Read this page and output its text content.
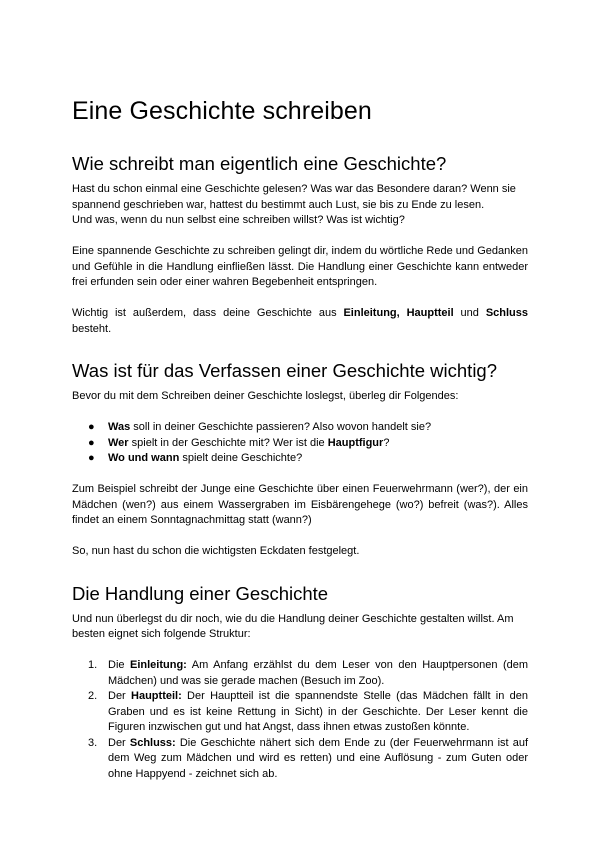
Eine Geschichte schreiben
Wie schreibt man eigentlich eine Geschichte?

Hast du schon einmal eine Geschichte gelesen? Was war das Besondere daran? Wenn sie spannend geschrieben war, hattest du bestimmt auch Lust, sie bis zu Ende zu lesen.
Und was, wenn du nun selbst eine schreiben willst? Was ist wichtig?

Eine spannende Geschichte zu schreiben gelingt dir, indem du wörtliche Rede und Gedanken und Gefühle in die Handlung einfließen lässt. Die Handlung einer Geschichte kann entweder frei erfunden sein oder einer wahren Begebenheit entspringen.

Wichtig ist außerdem, dass deine Geschichte aus Einleitung, Hauptteil und Schluss besteht.

Was ist für das Verfassen einer Geschichte wichtig?

Bevor du mit dem Schreiben deiner Geschichte loslegst, überleg dir Folgendes:

● Was soll in deiner Geschichte passieren? Also wovon handelt sie?
● Wer spielt in der Geschichte mit? Wer ist die Hauptfigur?
● Wo und wann spielt deine Geschichte?

Zum Beispiel schreibt der Junge eine Geschichte über einen Feuerwehrmann (wer?), der ein Mädchen (wen?) aus einem Wassergraben im Eisbärengehege (wo?) befreit (was?). Alles findet an einem Sonntagnachmittag statt (wann?)

So, nun hast du schon die wichtigsten Eckdaten festgelegt.

Die Handlung einer Geschichte

Und nun überlegst du dir noch, wie du die Handlung deiner Geschichte gestalten willst. Am besten eignet sich folgende Struktur:

1. Die Einleitung: Am Anfang erzählst du dem Leser von den Hauptpersonen (dem Mädchen) und was sie gerade machen (Besuch im Zoo).
2. Der Hauptteil: Der Hauptteil ist die spannendste Stelle (das Mädchen fällt in den Graben und es ist keine Rettung in Sicht) in der Geschichte. Der Leser kennt die Figuren inzwischen gut und hat Angst, dass ihnen etwas zustoßen könnte.
3. Der Schluss: Die Geschichte nähert sich dem Ende zu (der Feuerwehrmann ist auf dem Weg zum Mädchen und wird es retten) und eine Auflösung - zum Guten oder ohne Happyend - zeichnet sich ab.
